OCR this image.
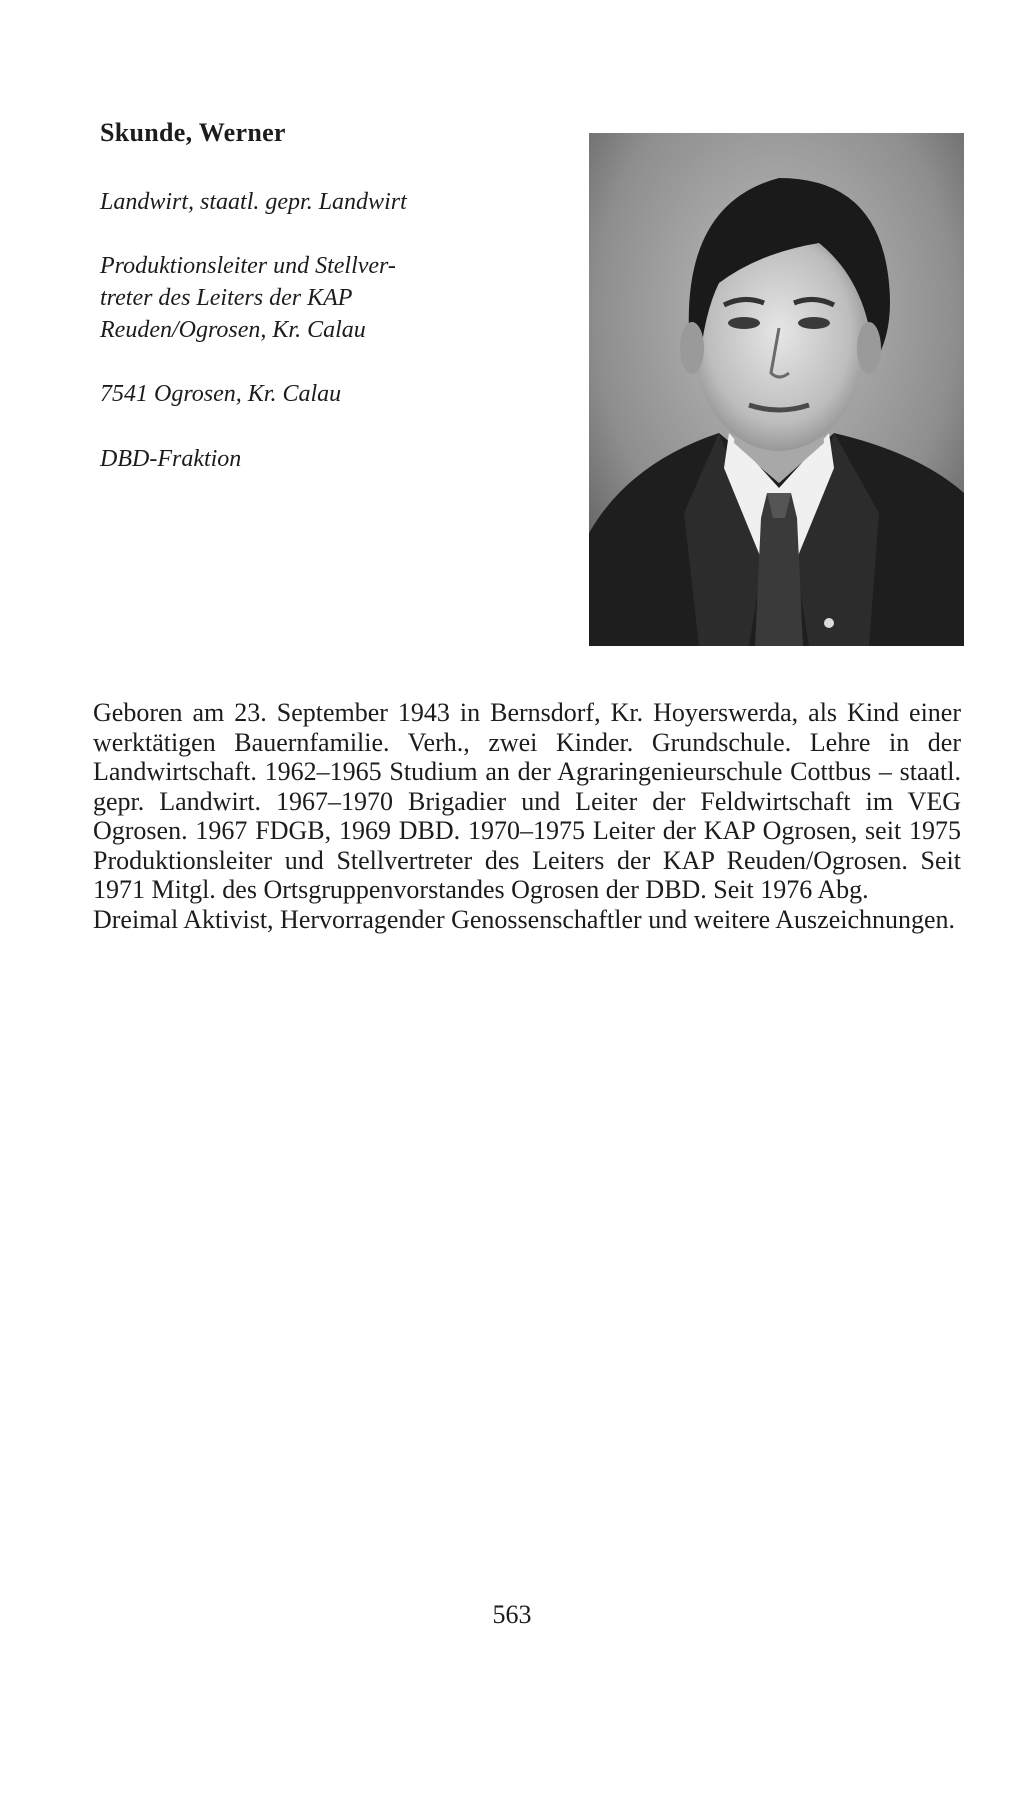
Skunde, Werner
Landwirt, staatl. gepr. Landwirt
Produktionsleiter und Stellver-
treter des Leiters der KAP
Reuden/Ogrosen, Kr. Calau
7541 Ogrosen, Kr. Calau
DBD-Fraktion

Geboren am 23. September 1943 in Bernsdorf, Kr. Hoyerswerda, als Kind einer werktätigen Bauernfamilie. Verh., zwei Kinder. Grundschule. Lehre in der Landwirtschaft. 1962–1965 Studium an der Agraringenieurschule Cottbus – staatl. gepr. Landwirt. 1967–1970 Brigadier und Leiter der Feldwirtschaft im VEG Ogrosen. 1967 FDGB, 1969 DBD. 1970–1975 Leiter der KAP Ogrosen, seit 1975 Produktionsleiter und Stellvertreter des Leiters der KAP Reuden/Ogrosen. Seit 1971 Mitgl. des Ortsgruppenvorstandes Ogrosen der DBD. Seit 1976 Abg.

Dreimal Aktivist, Hervorragender Genossenschaftler und weitere Auszeichnungen.

563
